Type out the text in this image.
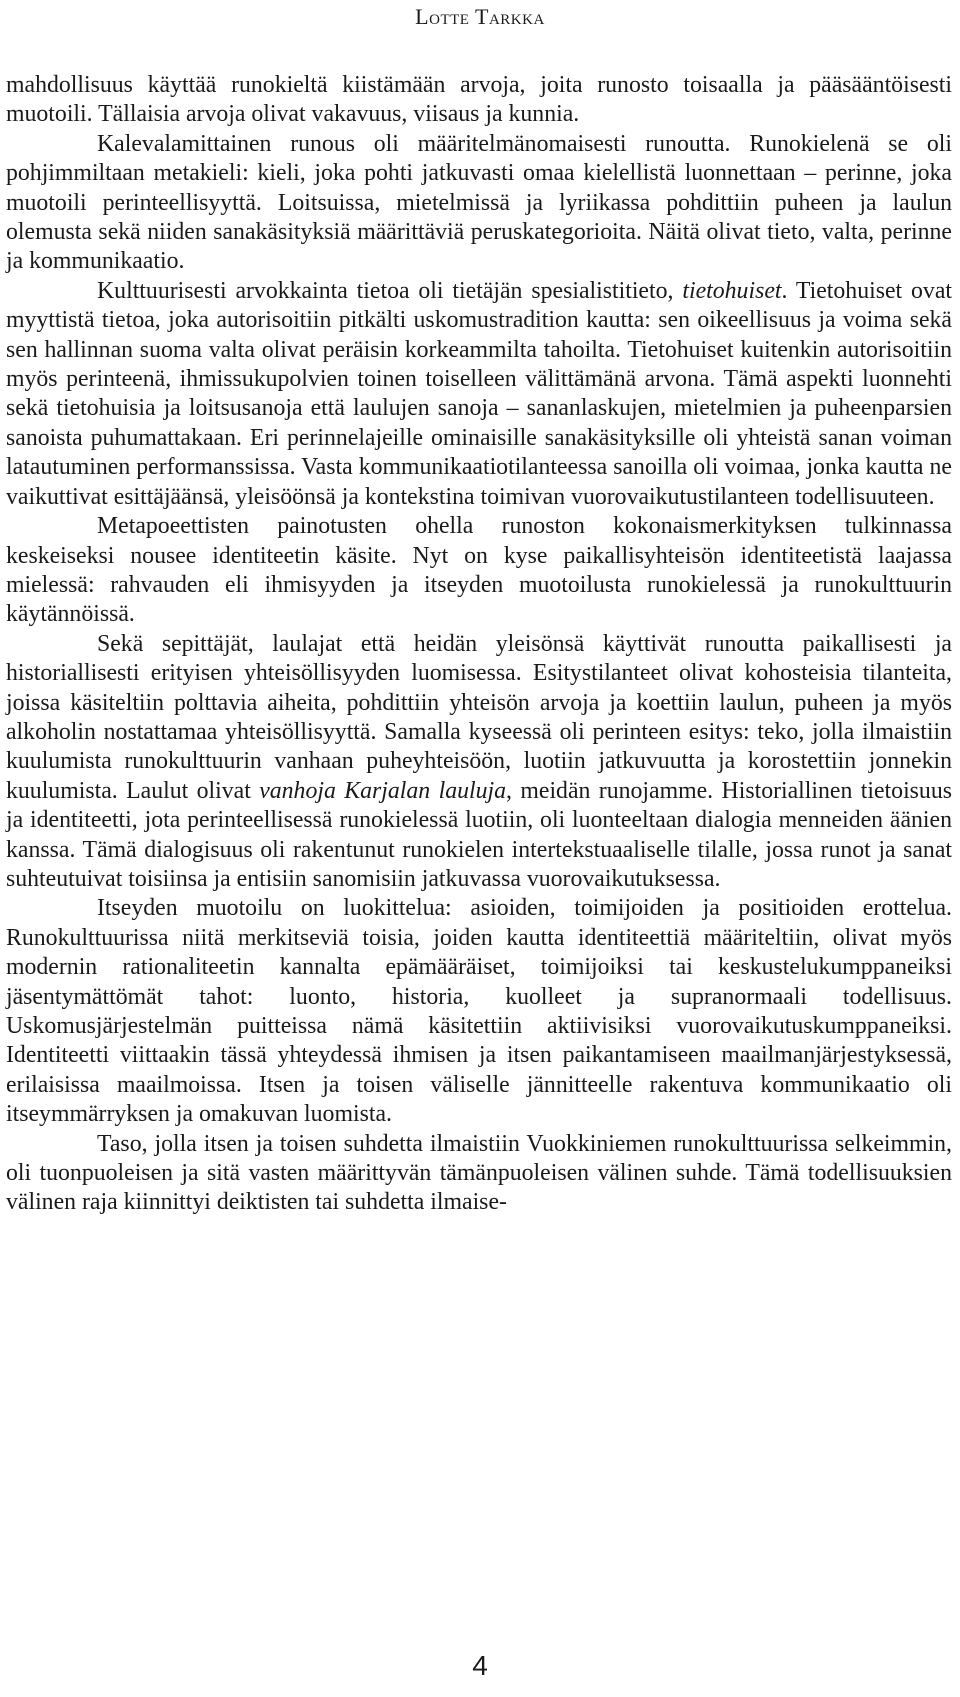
Lotte Tarkka

mahdollisuus käyttää runokieltä kiistämään arvoja, joita runosto toisaalla ja pääsääntöisesti muotoili. Tällaisia arvoja olivat vakavuus, viisaus ja kunnia.

Kalevalamittainen runous oli määritelmänomaisesti runoutta. Runokielenä se oli pohjimmiltaan metakieli: kieli, joka pohti jatkuvasti omaa kielellistä luonnettaan – perinne, joka muotoili perinteellisyyttä. Loitsuissa, mietelmissä ja lyriikassa pohdittiin puheen ja laulun olemusta sekä niiden sanakäsityksiä määrittäviä peruskategorioita. Näitä olivat tieto, valta, perinne ja kommunikaatio.

Kulttuurisesti arvokkainta tietoa oli tietäjän spesialistitieto, tietohuiset. Tietohuiset ovat myyttistä tietoa, joka autorisoitiin pitkälti uskomustradition kautta: sen oikeellisuus ja voima sekä sen hallinnan suoma valta olivat peräisin korkeammilta tahoilta. Tietohuiset kuitenkin autorisoitiin myös perinteenä, ihmissukupolvien toinen toiselleen välittämänä arvona. Tämä aspekti luonnehti sekä tietohuisia ja loitsusanoja että laulujen sanoja – sananlaskujen, mietelmien ja puheenparsien sanoista puhumattakaan. Eri perinnelajeille ominaisille sanakäsityksille oli yhteistä sanan voiman latautuminen performanssissa. Vasta kommunikaatiotilanteessa sanoilla oli voimaa, jonka kautta ne vaikuttivat esittäjäänsä, yleisöönsä ja kontekstina toimivan vuorovaikutustilanteen todellisuuteen.

Metapoeettisten painotusten ohella runoston kokonaismerkityksen tulkinnassa keskeiseksi nousee identiteetin käsite. Nyt on kyse paikallisyhteisön identiteetistä laajassa mielessä: rahvauden eli ihmisyyden ja itseyden muotoilusta runokielessä ja runokulttuurin käytännöissä.

Sekä sepittäjät, laulajat että heidän yleisönsä käyttivät runoutta paikallisesti ja historiallisesti erityisen yhteisöllisyyden luomisessa. Esitystilanteet olivat kohosteisia tilanteita, joissa käsiteltiin polttavia aiheita, pohdittiin yhteisön arvoja ja koettiin laulun, puheen ja myös alkoholin nostattamaa yhteisöllisyyttä. Samalla kyseessä oli perinteen esitys: teko, jolla ilmaistiin kuulumista runokulttuurin vanhaan puheyhteisöön, luotiin jatkuvuutta ja korostettiin jonnekin kuulumista. Laulut olivat vanhoja Karjalan lauluja, meidän runojamme. Historiallinen tietoisuus ja identiteetti, jota perinteellisessä runokielessä luotiin, oli luonteeltaan dialogia menneiden äänien kanssa. Tämä dialogisuus oli rakentunut runokielen intertekstuaaliselle tilalle, jossa runot ja sanat suhteutuivat toisiinsa ja entisiin sanomisiin jatkuvassa vuorovaikutuksessa.

Itseyden muotoilu on luokittelua: asioiden, toimijoiden ja positioiden erottelua. Runokulttuurissa niitä merkitseviä toisia, joiden kautta identiteettiä määriteltiin, olivat myös modernin rationaliteetin kannalta epämääräiset, toimijoiksi tai keskustelukumppaneiksi jäsentymättömät tahot: luonto, historia, kuolleet ja supranormaali todellisuus. Uskomusjärjestelmän puitteissa nämä käsitettiin aktiivisiksi vuorovaikutuskumppaneiksi. Identiteetti viittaakin tässä yhteydessä ihmisen ja itsen paikantamiseen maailmanjärjestyksessä, erilaisissa maailmoissa. Itsen ja toisen väliselle jännitteelle rakentuva kommunikaatio oli itseymmärryksen ja omakuvan luomista.

Taso, jolla itsen ja toisen suhdetta ilmaistiin Vuokkiniemen runokulttuurissa selkeimmin, oli tuonpuoleisen ja sitä vasten määrittyvän tämänpuoleisen välinen suhde. Tämä todellisuuksien välinen raja kiinnittyi deiktisten tai suhdetta ilmaise-

4
